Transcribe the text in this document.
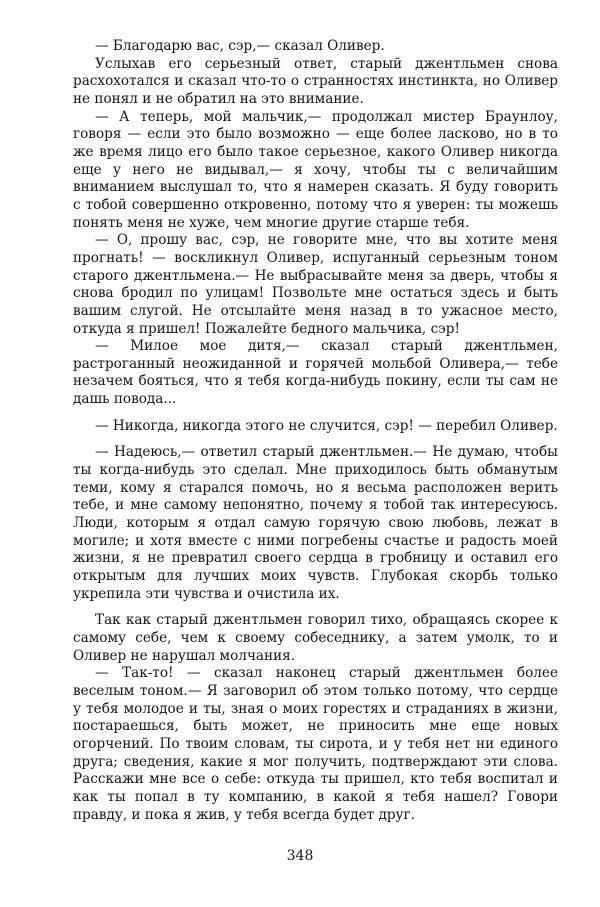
— Благодарю вас, сэр,— сказал Оливер.

Услыхав его серьезный ответ, старый джентльмен снова расхохотался и сказал что-то о странностях инстинкта, но Оливер не понял и не обратил на это внимание.

— А теперь, мой мальчик,— продолжал мистер Браунлоу, говоря — если это было возможно — еще более ласково, но в то же время лицо его было такое серьезное, какого Оливер никогда еще у него не видывал,— я хочу, чтобы ты с величайшим вниманием выслушал то, что я намерен сказать. Я буду говорить с тобой совершенно откровенно, потому что я уверен: ты можешь понять меня не хуже, чем многие другие старше тебя.

— О, прошу вас, сэр, не говорите мне, что вы хотите меня прогнать! — воскликнул Оливер, испуганный серьезным тоном старого джентльмена.— Не выбрасывайте меня за дверь, чтобы я снова бродил по улицам! Позвольте мне остаться здесь и быть вашим слугой. Не отсылайте меня назад в то ужасное место, откуда я пришел! Пожалейте бедного мальчика, сэр!

— Милое мое дитя,— сказал старый джентльмен, растроганный неожиданной и горячей мольбой Оливера,— тебе незачем бояться, что я тебя когда-нибудь покину, если ты сам не дашь повода...

— Никогда, никогда этого не случится, сэр! — перебил Оливер.

— Надеюсь,— ответил старый джентльмен.— Не думаю, чтобы ты когда-нибудь это сделал. Мне приходилось быть обманутым теми, кому я старался помочь, но я весьма расположен верить тебе, и мне самому непонятно, почему я тобой так интересуюсь. Люди, которым я отдал самую горячую свою любовь, лежат в могиле; и хотя вместе с ними погребены счастье и радость моей жизни, я не превратил своего сердца в гробницу и оставил его открытым для лучших моих чувств. Глубокая скорбь только укрепила эти чувства и очистила их.

Так как старый джентльмен говорил тихо, обращаясь скорее к самому себе, чем к своему собеседнику, а затем умолк, то и Оливер не нарушал молчания.

— Так-то! — сказал наконец старый джентльмен более веселым тоном.— Я заговорил об этом только потому, что сердце у тебя молодое и ты, зная о моих горестях и страданиях в жизни, постараешься, быть может, не приносить мне еще новых огорчений. По твоим словам, ты сирота, и у тебя нет ни единого друга; сведения, какие я мог получить, подтверждают эти слова. Расскажи мне все о себе: откуда ты пришел, кто тебя воспитал и как ты попал в ту компанию, в какой я тебя нашел? Говори правду, и пока я жив, у тебя всегда будет друг.

348
